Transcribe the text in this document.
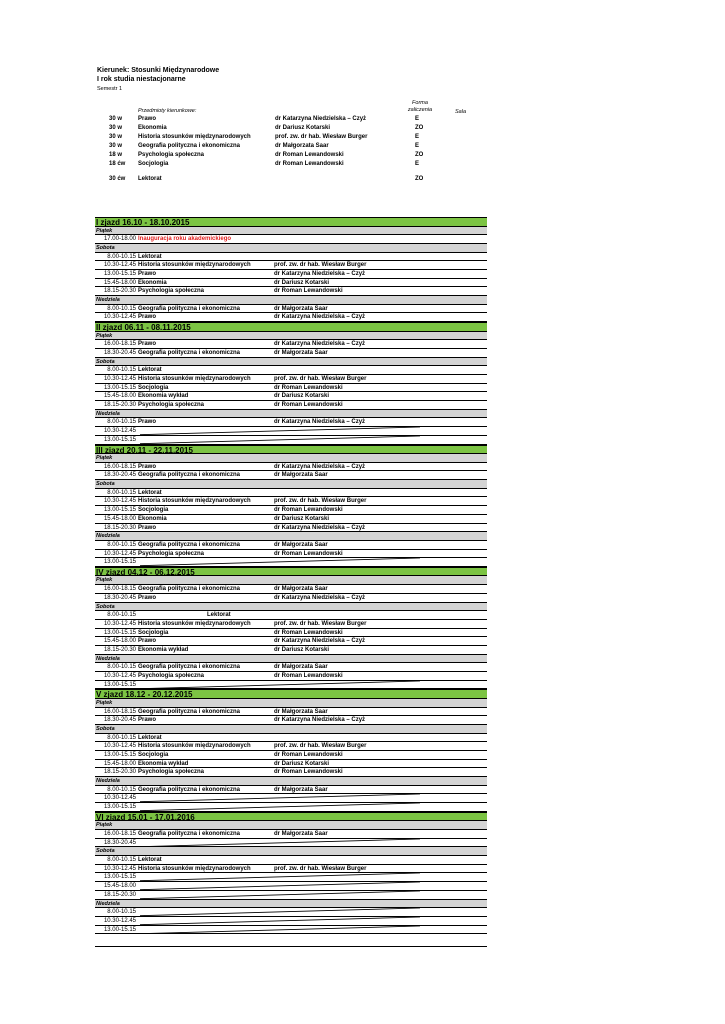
Kierunek: Stosunki Międzynarodowe
I rok studia niestacjonarne
Semestr 1
Forma zaliczenia	Sala
Przedmioty kierunkowe:
30 w	Prawo	dr Katarzyna Niedzielska – Czyż	E
30 w	Ekonomia	dr Dariusz Kotarski	ZO
30 w	Historia stosunków międzynarodowych	prof. zw. dr hab. Wiesław Burger	E
30 w	Geografia polityczna i ekonomiczna	dr Małgorzata Saar	E
18 w	Psychologia społeczna	dr Roman Lewandowski	ZO
18 ćw Socjologia	dr Roman Lewandowski	E
30 ćw Lektorat	ZO
I zjazd 16.10 - 18.10.2015
Piątek
17.00-18.00 Inauguracja roku akademickiego
Sobota
8.00-10.15 Lektorat
10.30-12.45 Historia stosunków międzynarodowych	prof. zw. dr hab. Wiesław Burger
13.00-15.15 Prawo	dr Katarzyna Niedzielska – Czyż
15.45-18.00 Ekonomia	dr Dariusz Kotarski
18.15-20.30 Psychologia społeczna	dr Roman Lewandowski
Niedziela
8.00-10.15 Geografia polityczna i ekonomiczna	dr Małgorzata Saar
10.30-12.45 Prawo	dr Katarzyna Niedzielska – Czyż
II zjazd 06.11 - 08.11.2015
Piątek
16.00-18.15 Prawo	dr Katarzyna Niedzielska – Czyż
18.30-20.45 Geografia polityczna i ekonomiczna	dr Małgorzata Saar
Sobota
8.00-10.15 Lektorat
10.30-12.45 Historia stosunków międzynarodowych	prof. zw. dr hab. Wiesław Burger
13.00-15.15 Socjologia	dr Roman Lewandowski
15.45-18.00 Ekonomia wykład	dr Dariusz Kotarski
18.15-20.30 Psychologia społeczna	dr Roman Lewandowski
Niedziela
8.00-10.15 Prawo	dr Katarzyna Niedzielska – Czyż
10.30-12.45
13.00-15.15
III zjazd 20.11 - 22.11.2015
Piątek
16.00-18.15 Prawo	dr Katarzyna Niedzielska – Czyż
18.30-20.45 Geografia polityczna i ekonomiczna	dr Małgorzata Saar
Sobota
8.00-10.15 Lektorat
10.30-12.45 Historia stosunków międzynarodowych	prof. zw. dr hab. Wiesław Burger
13.00-15.15 Socjologia	dr Roman Lewandowski
15.45-18.00 Ekonomia	dr Dariusz Kotarski
18.15-20.30 Prawo	dr Katarzyna Niedzielska – Czyż
Niedziela
8.00-10.15 Geografia polityczna i ekonomiczna	dr Małgorzata Saar
10.30-12.45 Psychologia społeczna	dr Roman Lewandowski
13.00-15.15
IV zjazd 04.12 - 06.12.2015
Piątek
16.00-18.15 Geografia polityczna i ekonomiczna	dr Małgorzata Saar
18.30-20.45 Prawo	dr Katarzyna Niedzielska – Czyż
Sobota
8.00-10.15	Lektorat
10.30-12.45 Historia stosunków międzynarodowych	prof. zw. dr hab. Wiesław Burger
13.00-15.15 Socjologia	dr Roman Lewandowski
15.45-18.00 Prawo	dr Katarzyna Niedzielska – Czyż
18.15-20.30 Ekonomia wykład	dr Dariusz Kotarski
Niedziela
8.00-10.15 Geografia polityczna i ekonomiczna	dr Małgorzata Saar
10.30-12.45 Psychologia społeczna	dr Roman Lewandowski
13.00-15.15
V zjazd 18.12 - 20.12.2015
Piątek
16.00-18.15 Geografia polityczna i ekonomiczna	dr Małgorzata Saar
18.30-20.45 Prawo	dr Katarzyna Niedzielska – Czyż
Sobota
8.00-10.15 Lektorat
10.30-12.45 Historia stosunków międzynarodowych	prof. zw. dr hab. Wiesław Burger
13.00-15.15 Socjologia	dr Roman Lewandowski
15.45-18.00 Ekonomia wykład	dr Dariusz Kotarski
18.15-20.30 Psychologia społeczna	dr Roman Lewandowski
Niedziela
8.00-10.15 Geografia polityczna i ekonomiczna	dr Małgorzata Saar
10.30-12.45
13.00-15.15
VI zjazd 15.01 - 17.01.2016
Piątek
16.00-18.15 Geografia polityczna i ekonomiczna	dr Małgorzata Saar
18.30-20.45
Sobota
8.00-10.15 Lektorat
10.30-12.45 Historia stosunków międzynarodowych	prof. zw. dr hab. Wiesław Burger
13.00-15.15
15.45-18.00
18.15-20.30
Niedziela
8.00-10.15
10.30-12.45
13.00-15.15
